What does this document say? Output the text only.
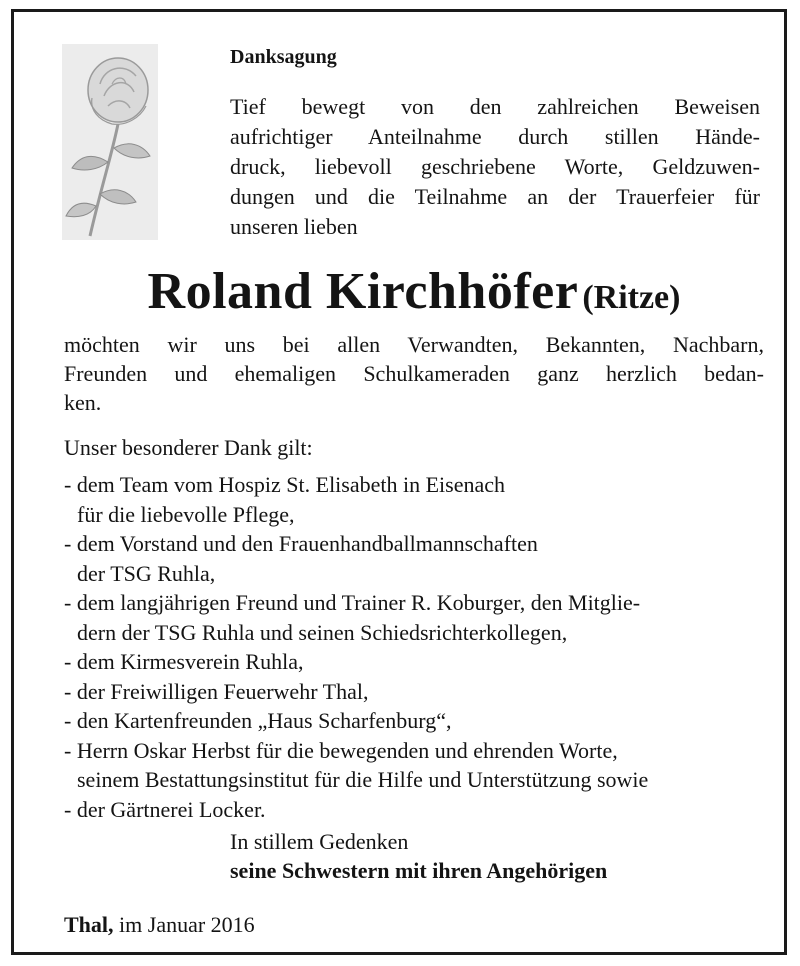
Danksagung
Tief bewegt von den zahlreichen Beweisen
aufrichtiger Anteilnahme durch stillen Hände-
druck, liebevoll geschriebene Worte, Geldzuwen-
dungen und die Teilnahme an der Trauerfeier für
unseren lieben
Roland Kirchhöfer (Ritze)
möchten wir uns bei allen Verwandten, Bekannten, Nachbarn,
Freunden und ehemaligen Schulkameraden ganz herzlich bedan-
ken.
Unser besonderer Dank gilt:
- dem Team vom Hospiz St. Elisabeth in Eisenach
für die liebevolle Pflege,
- dem Vorstand und den Frauenhandballmannschaften
der TSG Ruhla,
- dem langjährigen Freund und Trainer R. Koburger, den Mitglie-
dern der TSG Ruhla und seinen Schiedsrichterkollegen,
- dem Kirmesverein Ruhla,
- der Freiwilligen Feuerwehr Thal,
- den Kartenfreunden „Haus Scharfenburg“,
- Herrn Oskar Herbst für die bewegenden und ehrenden Worte,
seinem Bestattungsinstitut für die Hilfe und Unterstützung sowie
- der Gärtnerei Locker.
In stillem Gedenken
seine Schwestern mit ihren Angehörigen
Thal, im Januar 2016
